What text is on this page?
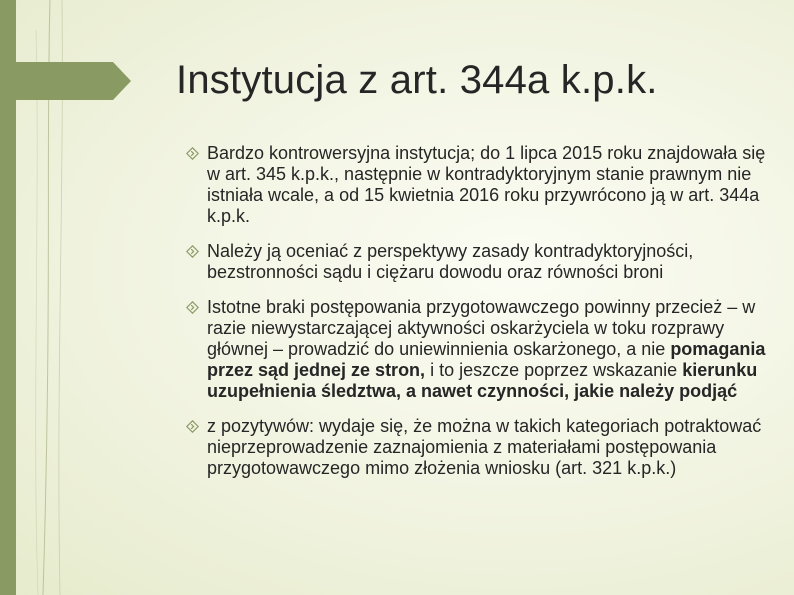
Instytucja z art. 344a k.p.k.
Bardzo kontrowersyjna instytucja; do 1 lipca 2015 roku znajdowała się w art. 345 k.p.k., następnie w kontradyktoryjnym stanie prawnym nie istniała wcale, a od 15 kwietnia 2016 roku przywrócono ją w art. 344a k.p.k.
Należy ją oceniać z perspektywy zasady kontradyktoryjności, bezstronności sądu i ciężaru dowodu oraz równości broni
Istotne braki postępowania przygotowawczego powinny przecież – w razie niewystarczającej aktywności oskarżyciela w toku rozprawy głównej – prowadzić do uniewinnienia oskarżonego, a nie pomagania przez sąd jednej ze stron, i to jeszcze poprzez wskazanie kierunku uzupełnienia śledztwa, a nawet czynności, jakie należy podjąć
z pozytywów: wydaje się, że można w takich kategoriach potraktować nieprzeprowadzenie zaznajomienia z materiałami postępowania przygotowawczego mimo złożenia wniosku (art. 321 k.p.k.)
